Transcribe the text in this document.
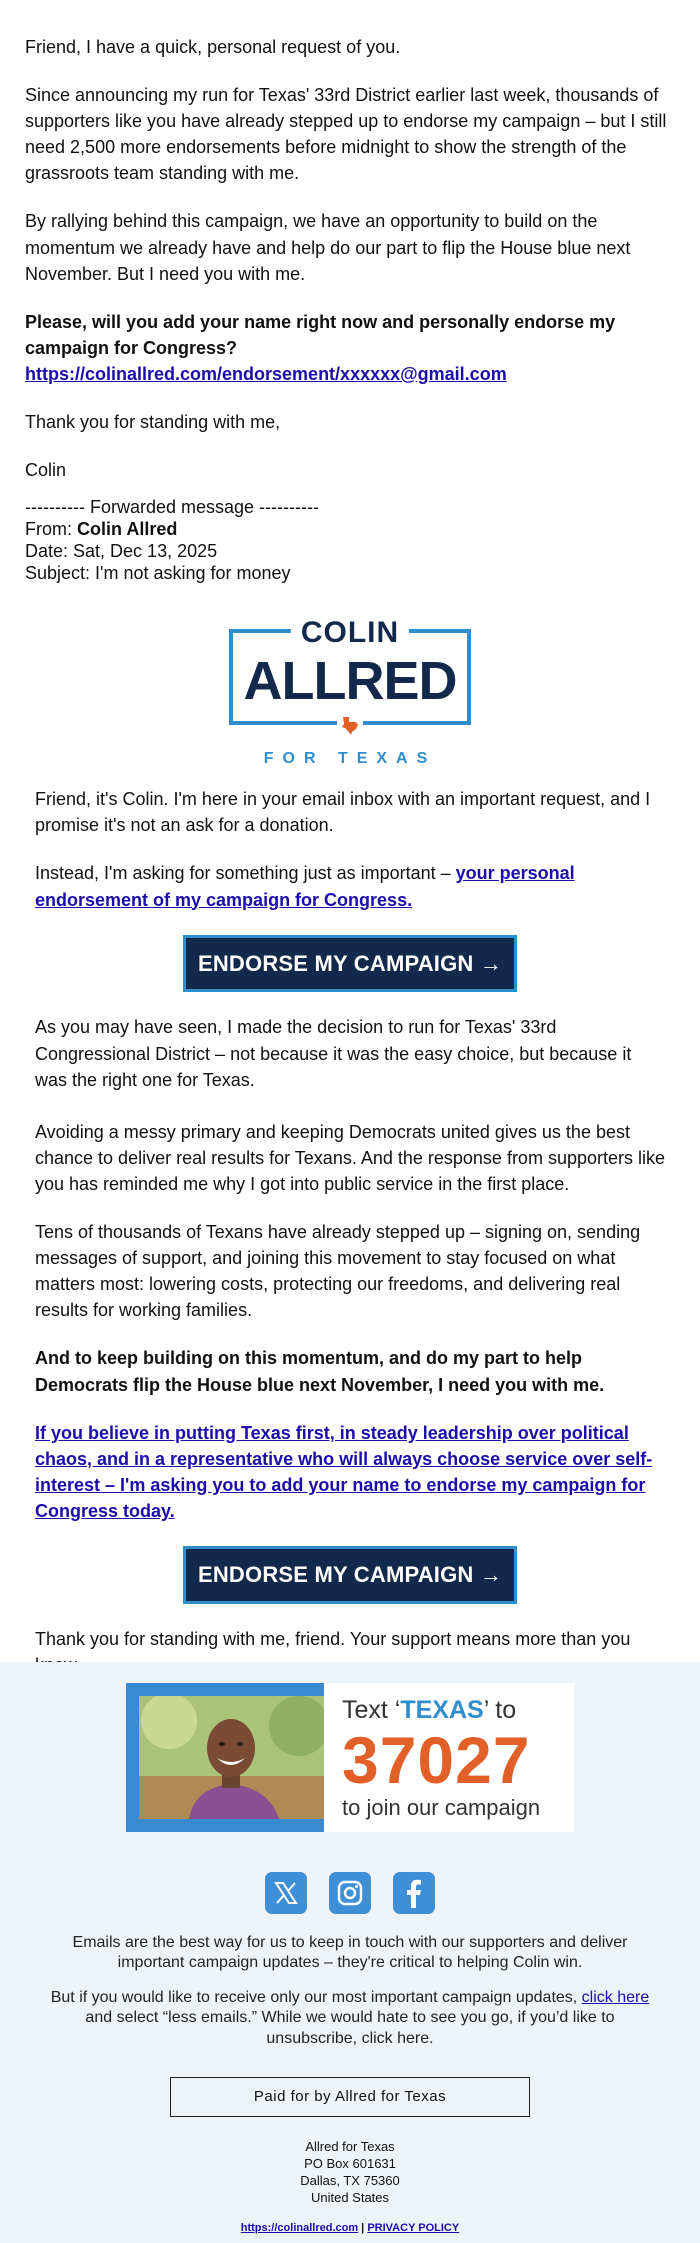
Friend, I have a quick, personal request of you.

Since announcing my run for Texas' 33rd District earlier last week, thousands of supporters like you have already stepped up to endorse my campaign – but I still need 2,500 more endorsements before midnight to show the strength of the grassroots team standing with me.

By rallying behind this campaign, we have an opportunity to build on the momentum we already have and help do our part to flip the House blue next November. But I need you with me.

Please, will you add your name right now and personally endorse my campaign for Congress?
https://colinallred.com/endorsement/xxxxxx@gmail.com

Thank you for standing with me,

Colin

---------- Forwarded message ----------
From: Colin Allred
Date: Sat, Dec 13, 2025
Subject: I'm not asking for money
COLIN
ALLRED
FOR TEXAS

Friend, it's Colin. I'm here in your email inbox with an important request, and I promise it's not an ask for a donation.

Instead, I'm asking for something just as important – your personal endorsement of my campaign for Congress.

ENDORSE MY CAMPAIGN →

As you may have seen, I made the decision to run for Texas' 33rd Congressional District – not because it was the easy choice, but because it was the right one for Texas.

Avoiding a messy primary and keeping Democrats united gives us the best chance to deliver real results for Texans. And the response from supporters like you has reminded me why I got into public service in the first place.

Tens of thousands of Texans have already stepped up – signing on, sending messages of support, and joining this movement to stay focused on what matters most: lowering costs, protecting our freedoms, and delivering real results for working families.

And to keep building on this momentum, and do my part to help Democrats flip the House blue next November, I need you with me.

If you believe in putting Texas first, in steady leadership over political chaos, and in a representative who will always choose service over self-interest – I'm asking you to add your name to endorse my campaign for Congress today.

ENDORSE MY CAMPAIGN →

Thank you for standing with me, friend. Your support means more than you

Text ‘TEXAS’ to
37027
to join our campaign

Emails are the best way for us to keep in touch with our supporters and deliver important campaign updates – they're critical to helping Colin win.

But if you would like to receive only our most important campaign updates, click here and select “less emails.” While we would hate to see you go, if you’d like to unsubscribe, click here.

Paid for by Allred for Texas
Allred for Texas
PO Box 601631
Dallas, TX 75360
United States
https://colinallred.com | PRIVACY POLICY
